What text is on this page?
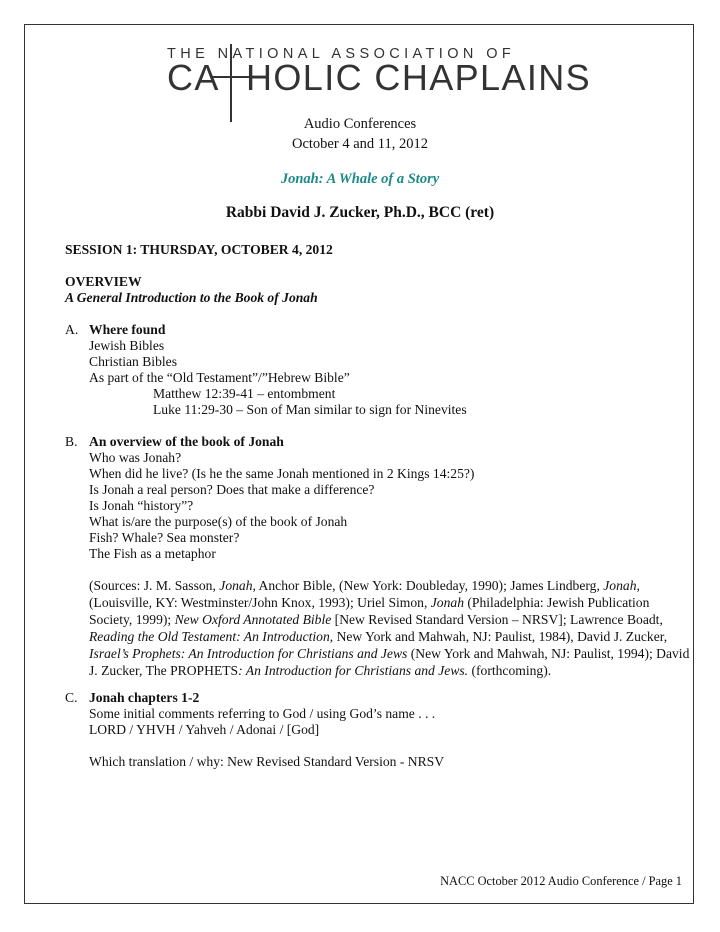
THE NATIONAL ASSOCIATION OF
CA HOLIC CHAPLAINS
Audio Conferences
October 4 and 11, 2012
Jonah: A Whale of a Story
Rabbi David J. Zucker, Ph.D., BCC (ret)
SESSION 1: THURSDAY, OCTOBER 4, 2012
OVERVIEW
A General Introduction to the Book of Jonah
A. Where found
Jewish Bibles
Christian Bibles
As part of the “Old Testament”/”Hebrew Bible”
Matthew 12:39-41 – entombment
Luke 11:29-30 – Son of Man similar to sign for Ninevites
B. An overview of the book of Jonah
Who was Jonah?
When did he live? (Is he the same Jonah mentioned in 2 Kings 14:25?)
Is Jonah a real person? Does that make a difference?
Is Jonah “history”?
What is/are the purpose(s) of the book of Jonah
Fish? Whale? Sea monster?
The Fish as a metaphor
(Sources: J. M. Sasson, Jonah, Anchor Bible, (New York: Doubleday, 1990); James Lindberg, Jonah,
(Louisville, KY: Westminster/John Knox, 1993); Uriel Simon, Jonah (Philadelphia: Jewish Publication
Society, 1999); New Oxford Annotated Bible [New Revised Standard Version – NRSV]; Lawrence Boadt,
Reading the Old Testament: An Introduction, New York and Mahwah, NJ: Paulist, 1984), David J. Zucker,
Israel’s Prophets: An Introduction for Christians and Jews (New York and Mahwah, NJ: Paulist, 1994); David
J. Zucker, The PROPHETS: An Introduction for Christians and Jews. (forthcoming).
C. Jonah chapters 1-2
Some initial comments referring to God / using God’s name . . .
LORD / YHVH / Yahveh / Adonai / [God]
Which translation / why: New Revised Standard Version - NRSV
NACC October 2012 Audio Conference / Page 1
